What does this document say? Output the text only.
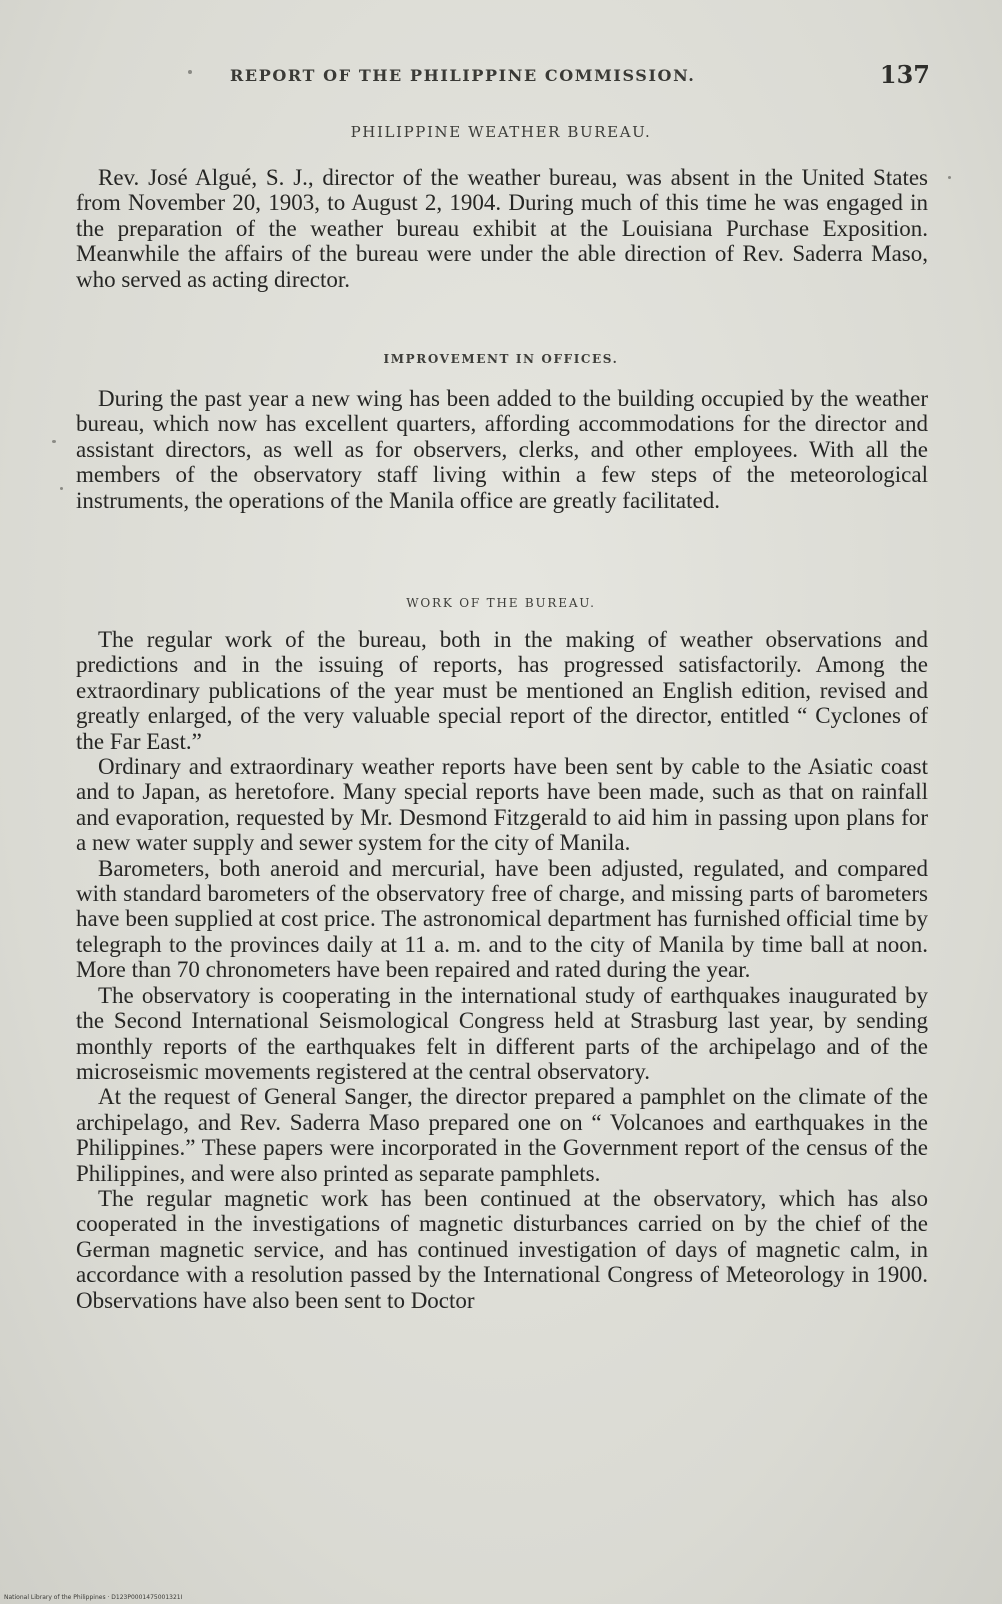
REPORT OF THE PHILIPPINE COMMISSION.	137
PHILIPPINE WEATHER BUREAU.

Rev. José Algué, S. J., director of the weather bureau, was absent in the United States from November 20, 1903, to August 2, 1904. During much of this time he was engaged in the preparation of the weather bureau exhibit at the Louisiana Purchase Exposition. Meanwhile the affairs of the bureau were under the able direction of Rev. Saderra Maso, who served as acting director.

IMPROVEMENT IN OFFICES.

During the past year a new wing has been added to the building occupied by the weather bureau, which now has excellent quarters, affording accommodations for the director and assistant directors, as well as for observers, clerks, and other employees. With all the members of the observatory staff living within a few steps of the meteorological instruments, the operations of the Manila office are greatly facilitated.

WORK OF THE BUREAU.

The regular work of the bureau, both in the making of weather observations and predictions and in the issuing of reports, has progressed satisfactorily. Among the extraordinary publications of the year must be mentioned an English edition, revised and greatly enlarged, of the very valuable special report of the director, entitled “ Cyclones of the Far East.”

Ordinary and extraordinary weather reports have been sent by cable to the Asiatic coast and to Japan, as heretofore. Many special reports have been made, such as that on rainfall and evaporation, requested by Mr. Desmond Fitzgerald to aid him in passing upon plans for a new water supply and sewer system for the city of Manila.

Barometers, both aneroid and mercurial, have been adjusted, regulated, and compared with standard barometers of the observatory free of charge, and missing parts of barometers have been supplied at cost price. The astronomical department has furnished official time by telegraph to the provinces daily at 11 a. m. and to the city of Manila by time ball at noon. More than 70 chronometers have been repaired and rated during the year.

The observatory is cooperating in the international study of earthquakes inaugurated by the Second International Seismological Congress held at Strasburg last year, by sending monthly reports of the earthquakes felt in different parts of the archipelago and of the microseismic movements registered at the central observatory.

At the request of General Sanger, the director prepared a pamphlet on the climate of the archipelago, and Rev. Saderra Maso prepared one on “ Volcanoes and earthquakes in the Philippines.” These papers were incorporated in the Government report of the census of the Philippines, and were also printed as separate pamphlets.

The regular magnetic work has been continued at the observatory, which has also cooperated in the investigations of magnetic disturbances carried on by the chief of the German magnetic service, and has continued investigation of days of magnetic calm, in accordance with a resolution passed by the International Congress of Meteorology in 1900. Observations have also been sent to Doctor

National Library of the Philippines · D123P0001475001321I
